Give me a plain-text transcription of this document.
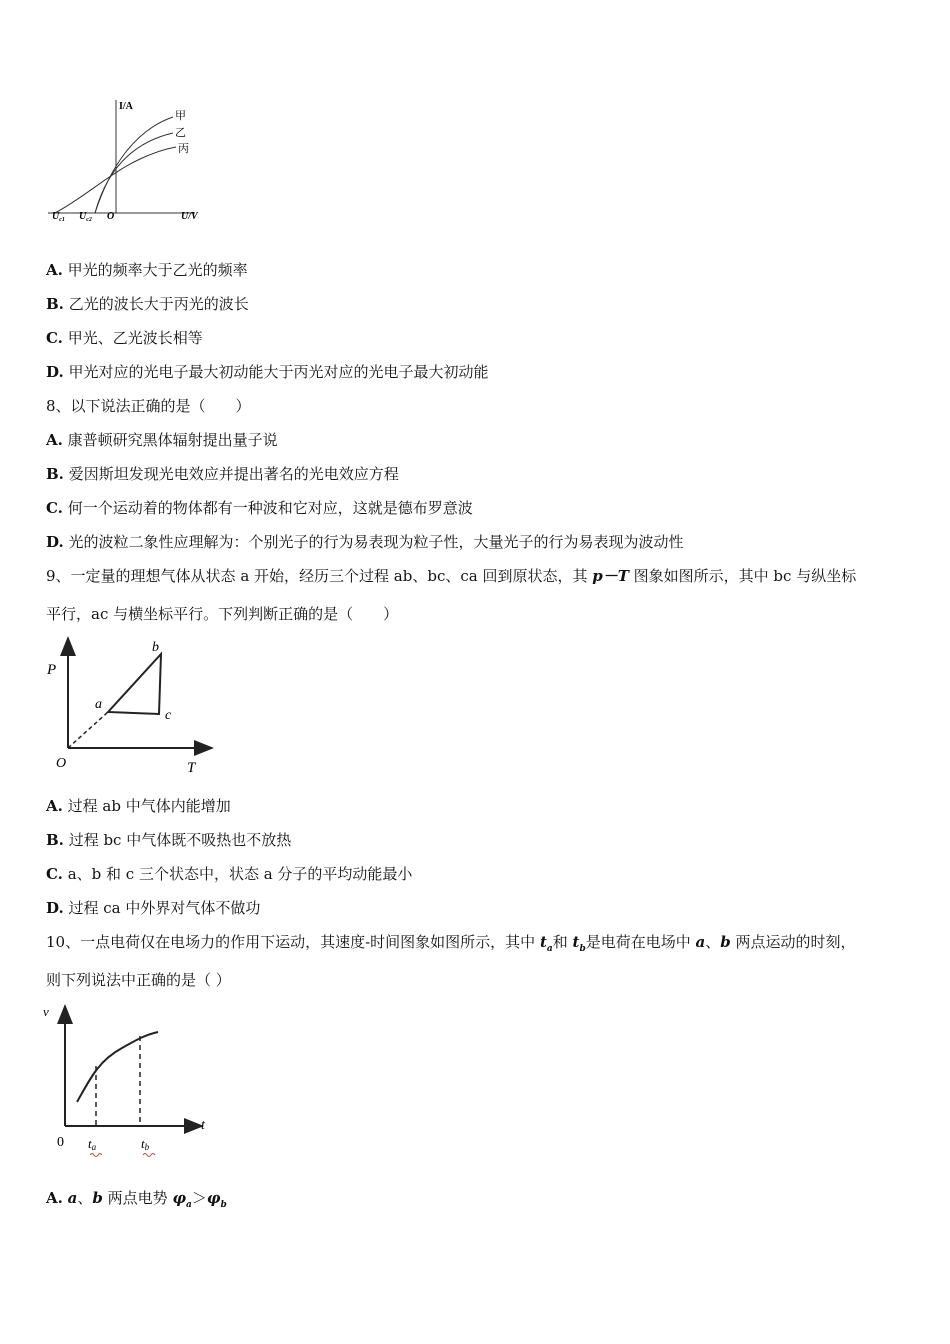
I/A
甲
乙
丙
$U_{c1}$ $U_{c2}$ O	U/V
A. 甲光的频率大于乙光的频率
B. 乙光的波长大于丙光的波长
C. 甲光、乙光波长相等
D. 甲光对应的光电子最大初动能大于丙光对应的光电子最大初动能
8、以下说法正确的是（　　）
A. 康普顿研究黑体辐射提出量子说
B. 爱因斯坦发现光电效应并提出著名的光电效应方程
C. 何一个运动着的物体都有一种波和它对应，这就是德布罗意波
D. 光的波粒二象性应理解为：个别光子的行为易表现为粒子性，大量光子的行为易表现为波动性
9、一定量的理想气体从状态 a 开始，经历三个过程 ab、bc、ca 回到原状态，其 p－T 图象如图所示，其中 bc 与纵坐标
平行，ac 与横坐标平行。下列判断正确的是（　　）
P
T
O
a
b
c
A. 过程 ab 中气体内能增加
B. 过程 bc 中气体既不吸热也不放热
C. a、b 和 c 三个状态中，状态 a 分子的平均动能最小
D. 过程 ca 中外界对气体不做功
10、一点电荷仅在电场力的作用下运动，其速度-时间图象如图所示，其中 $t_a$和 $t_b$是电荷在电场中 a、b 两点运动的时刻，
则下列说法中正确的是（ ）
v
t
0 ta	tb
A. a、b 两点电势 $\varphi_a>\varphi_b$
